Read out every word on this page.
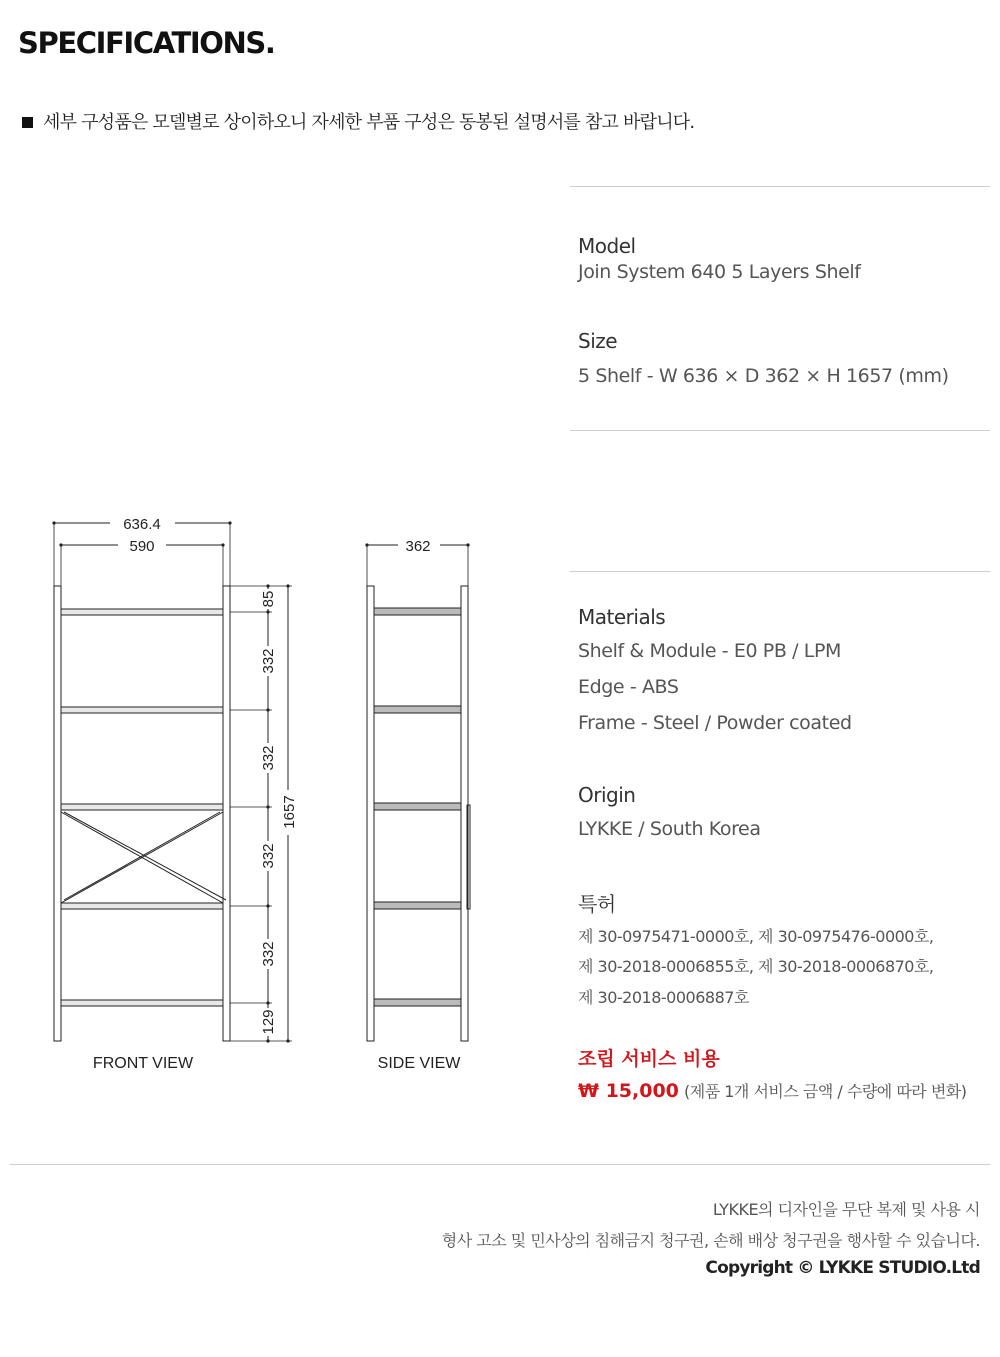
SPECIFICATIONS.
세부 구성품은 모델별로 상이하오니 자세한 부품 구성은 동봉된 설명서를 참고 바랍니다.
Model
Join System 640 5 Layers Shelf
Size
5 Shelf - W 636 × D 362 × H 1657 (mm)
Materials
Shelf & Module - E0 PB / LPM
Edge - ABS
Frame - Steel / Powder coated
Origin
LYKKE / South Korea
특허
제 30-0975471-0000호, 제 30-0975476-0000호,
제 30-2018-0006855호, 제 30-2018-0006870호,
제 30-2018-0006887호
조립 서비스 비용
₩ 15,000 (제품 1개 서비스 금액 / 수량에 따라 변화)
636.4
590	362
FRONT VIEW	SIDE VIEW
85
332
332
332
332
129
1657
LYKKE의 디자인을 무단 복제 및 사용 시
형사 고소 및 민사상의 침해금지 청구권, 손해 배상 청구권을 행사할 수 있습니다.
Copyright © LYKKE STUDIO.Ltd
